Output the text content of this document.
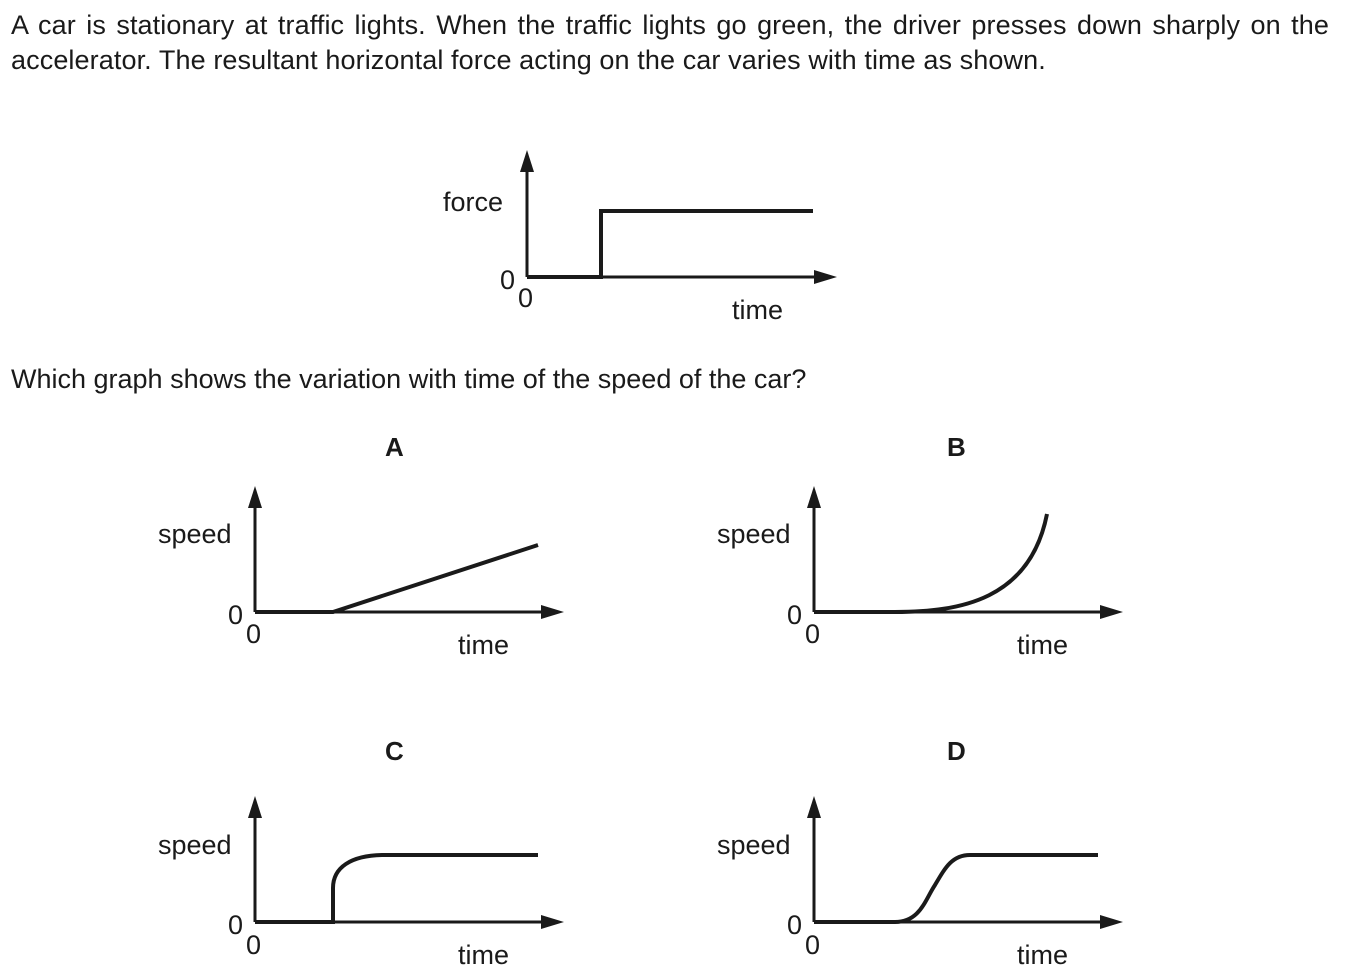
A car is stationary at traffic lights. When the traffic lights go green, the driver presses down sharply on the accelerator. The resultant horizontal force acting on the car varies with time as shown.

Which graph shows the variation with time of the speed of the car?

force
0
0	time
A
speed
0
0	time
B
speed
0
0	time
C
speed
0
0	time
D
speed
0
0	time
